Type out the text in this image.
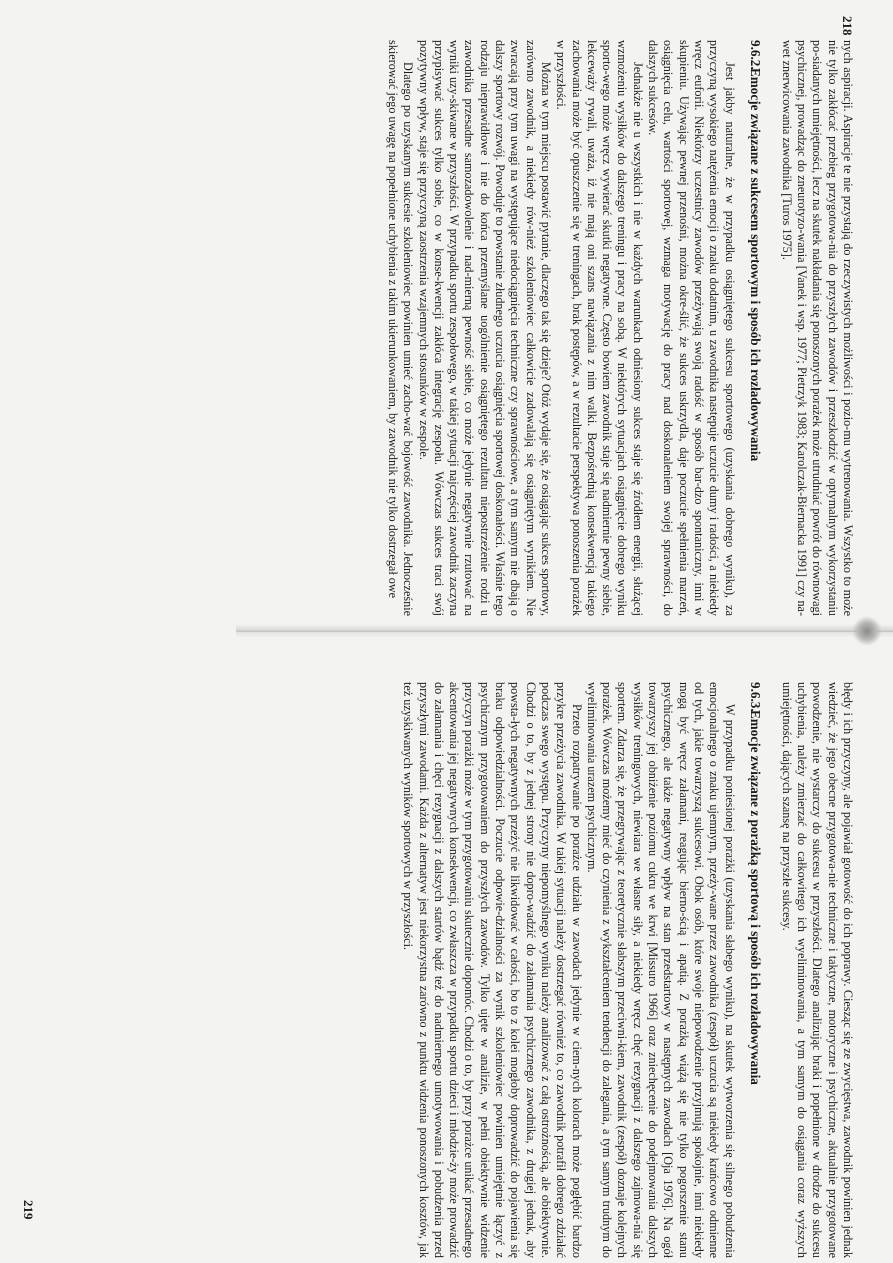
218

nych aspiracji. Aspiracje te nie przystają do rzeczywistych możliwości i pozio-mu wytrenowania. Wszystko to może nie tylko zakłócać przebieg przygotowa-nia do przyszłych zawodów i przeszkodzić w optymalnym wykorzystaniu po-siadanych umiejętności, lecz na skutek nakładania się ponoszonych porażek może utrudniać powrót do równowagi psychicznej, prowadząc do zneurotyzo-wania [Vanek i wsp. 1977; Pietrzyk 1983; Karolczak-Biernacka 1991] czy na-wet znerwicowania zawodnika [Turos 1975].

9.6.2.Emocje związane z sukcesem sportowym i sposób ich rozładowywania

Jest jakby naturalne, że w przypadku osiągniętego sukcesu sportowego (uzyskania dobrego wyniku), za przyczyną wysokiego natężenia emocji o znaku dodatnim, u zawodnika następuje uczucie dumy i radości, a niekiedy wręcz euforii. Niektórzy uczestnicy zawodów przeżywają swoją radość w sposób bar-dzo spontaniczny, inni w skupieniu. Używając pewnej przenośni, można okre-ślić, że sukces uskrzydla, daje poczucie spełnienia marzeń, osiągnięcia celu, wartości sportowej, wzmaga motywację do pracy nad doskonaleniem swojej sprawności, do dalszych sukcesów.

Jednakże nie u wszystkich i nie w każdych warunkach odniesiony sukces staje się źródłem energii, służącej wzmożeniu wysiłków do dalszego treningu i pracy na sobą. W niektórych sytuacjach osiągnięcie dobrego wyniku sporto-wego może wręcz wywierać skutki negatywne. Często bowiem zawodnik staje się nadmiernie pewny siebie, lekceważy rywali, uważa, iż nie mają oni szans nawiązania z nim walki. Bezpośrednią konsekwencją takiego zachowania może być opuszczenie się w treningach, brak postępów, a w rezultacie perspektywa ponoszenia porażek w przyszłości.

Można w tym miejscu postawić pytanie, dlaczego tak się dzieje? Otóż wydaje się, że osiągając sukces sportowy, zarówno zawodnik, a niekiedy rów-nież szkoleniowiec całkowicie zadowalają się osiągniętym wynikiem. Nie zwracają przy tym uwagi na występujące niedociągnięcia techniczne czy sprawnościowe, a tym samym nie dbają o dalszy sportowy rozwój. Powoduje to powstanie złudnego uczucia osiągnięcia sportowej doskonałości. Właśnie tego rodzaju nieprawidłowe i nie do końca przemyślane uogólnienie osiągniętego rezultatu niepostrzeżenie rodzi u zawodnika przesadne samozadowolenie i nad-mierną pewność siebie, co może jedynie negatywnie rzutować na wyniki uzy-skiwane w przyszłości. W przypadku sportu zespołowego, w takiej sytuacji najczęściej zawodnik zaczyna przypisywać sukces tylko sobie, co w konse-kwencji zakłóca integrację zespołu. Wówczas sukces traci swój pozytywny wpływ, staje się przyczyną zaostrzenia wzajemnych stosunków w zespole.

Dlatego po uzyskanym sukcesie szkoleniowiec powinien umieć zacho-wać bojowość zawodnika. Jednocześnie skierować jego uwagę na popełnione uchybienia z takim ukierunkowaniem, by zawodnik nie tylko dostrzegał owe

błędy i ich przyczyny, ale pojawiał gotowość do ich poprawy. Ciesząc się ze zwycięstwa, zawodnik powinien jednak wiedzieć, że jego obecne przygotowa-nie techniczne i taktyczne, motoryczne i psychiczne, aktualnie przygotowane powodzenie, nie wystarczy do sukcesu w przyszłości. Dlatego analizując braki i popełnione w drodze do sukcesu uchybienia, należy zmierzać do całkowitego ich wyeliminowania, a tym samym do osiągania coraz wyższych umiejętności, dających szansę na przyszłe sukcesy.

9.6.3.Emocje związane z porażką sportową i sposób ich rozładowywania

W przypadku poniesionej porażki (uzyskania słabego wyniku), na skutek wytworzenia się silnego pobudzenia emocjonalnego o znaku ujemnym, przeży-wane przez zawodnika (zespół) uczucia są niekiedy krańcowo odmienne od tych, jakie towarzyszą sukcesowi. Obok osób, które swoje niepowodzenie przyjmują spokojnie, inni niekiedy mogą być wręcz załamani, reagując bierno-ścią i apatią. Z porażką wiążą się nie tylko pogorszenie stanu psychicznego, ale także negatywny wpływ na stan przedstartowy w następnych zawodach [Oja 1976]. Na ogół towarzyszy jej obniżenie poziomu cukru we krwi [Missuro 1966] oraz zniechęcenie do podejmowania dalszych wysiłków treningowych, niewiara we własne siły, a niekiedy wręcz chęć rezygnacji z dalszego zajmowa-nia się sportem. Zdarza się, że przegrywając z teoretycznie słabszym przeciwni-kiem, zawodnik (zespół) doznaje kolejnych porażek. Wówczas możemy mieć do czynienia z wykształceniem tendencji do zalegania, a tym samym trudnym do wyeliminowania urazem psychicznym.

Przeto rozpatrywanie po porażce udziału w zawodach jedynie w ciem-nych kolorach może pogłębić bardzo przykre przeżycia zawodnika. W takiej sytuacji należy dostrzegać również to, co zawodnik potrafił dobrego zdziałać podczas swego występu. Przyczyny niepomyślnego wyniku należy analizować z całą ostrożnością, ale obiektywnie. Chodzi o to, by z jednej strony nie dopro-wadzić do załamania psychicznego zawodnika, z drugiej jednak, aby powsta-łych negatywnych przeżyć nie likwidować w całości, bo to z kolei mogłoby doprowadzić do pojawienia się braku odpowiedzialności. Poczucie odpowie-dzialności za wynik szkoleniowiec powinien umiejętnie łączyć z psychicznym przygotowaniem do przyszłych zawodów. Tylko ujęte w analizie, w pełni obiektywnie widzenie przyczyn porażki może w tym przygotowaniu skutecznie dopomóc. Chodzi o to, by przy porażce unikać przesadnego akcentowania jej negatywnych konsekwencji, co zwłaszcza w przypadku sportu dzieci i młodzie-ży może prowadzić do załamania i chęci rezygnacji z dalszych startów bądź też do nadmiernego umotywowania i pobudzenia przed przyszłymi zawodami. Każda z alternatyw jest niekorzystna zarówno z punktu widzenia ponoszonych kosztów, jak też uzyskiwanych wyników sportowych w przyszłości.

219
